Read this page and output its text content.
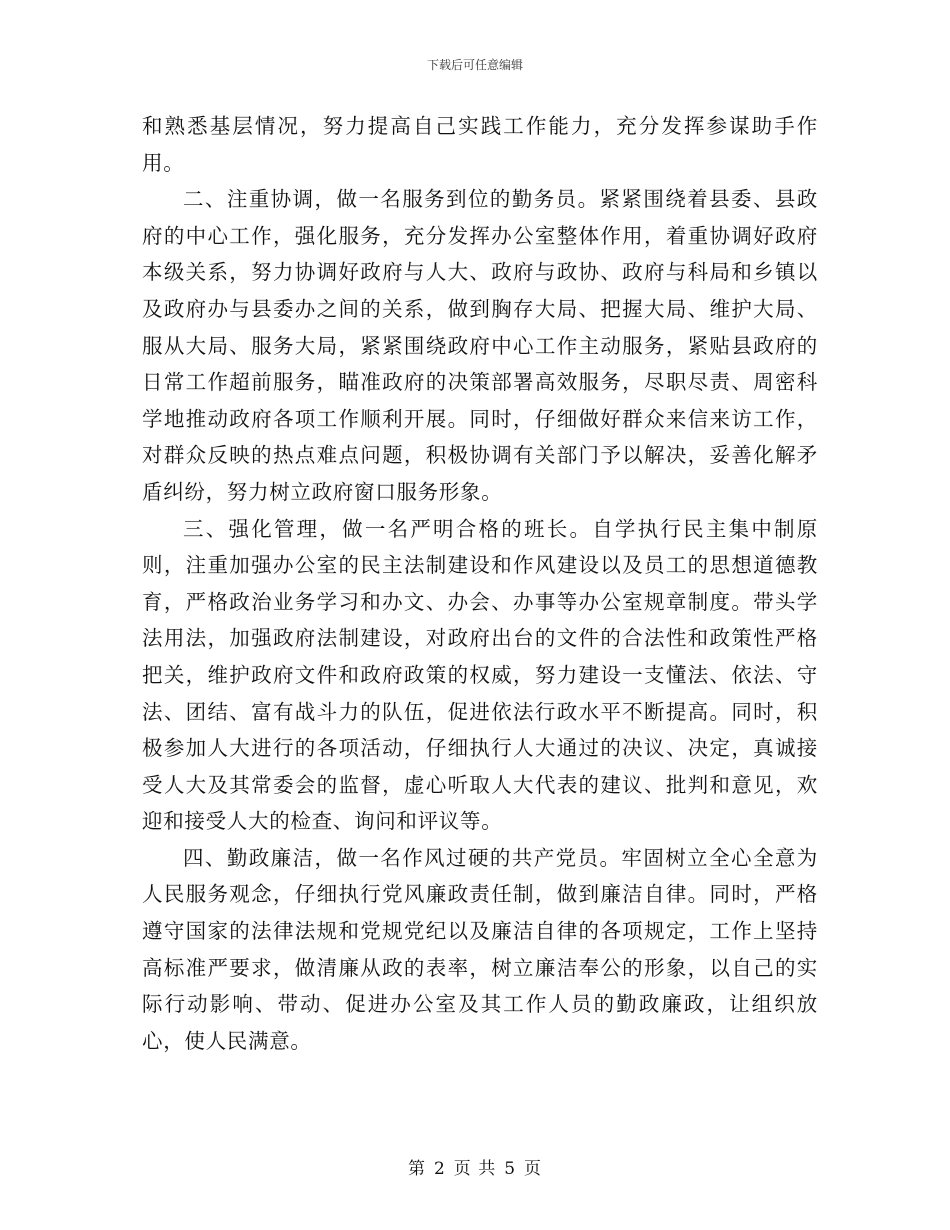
下载后可任意编辑

和熟悉基层情况，努力提高自己实践工作能力，充分发挥参谋助手作用。

二、注重协调，做一名服务到位的勤务员。紧紧围绕着县委、县政府的中心工作，强化服务，充分发挥办公室整体作用，着重协调好政府本级关系，努力协调好政府与人大、政府与政协、政府与科局和乡镇以及政府办与县委办之间的关系，做到胸存大局、把握大局、维护大局、服从大局、服务大局，紧紧围绕政府中心工作主动服务，紧贴县政府的日常工作超前服务，瞄准政府的决策部署高效服务，尽职尽责、周密科学地推动政府各项工作顺利开展。同时，仔细做好群众来信来访工作，对群众反映的热点难点问题，积极协调有关部门予以解决，妥善化解矛盾纠纷，努力树立政府窗口服务形象。

三、强化管理，做一名严明合格的班长。自学执行民主集中制原则，注重加强办公室的民主法制建设和作风建设以及员工的思想道德教育，严格政治业务学习和办文、办会、办事等办公室规章制度。带头学法用法，加强政府法制建设，对政府出台的文件的合法性和政策性严格把关，维护政府文件和政府政策的权威，努力建设一支懂法、依法、守法、团结、富有战斗力的队伍，促进依法行政水平不断提高。同时，积极参加人大进行的各项活动，仔细执行人大通过的决议、决定，真诚接受人大及其常委会的监督，虚心听取人大代表的建议、批判和意见，欢迎和接受人大的检查、询问和评议等。

四、勤政廉洁，做一名作风过硬的共产党员。牢固树立全心全意为人民服务观念，仔细执行党风廉政责任制，做到廉洁自律。同时，严格遵守国家的法律法规和党规党纪以及廉洁自律的各项规定，工作上坚持高标准严要求，做清廉从政的表率，树立廉洁奉公的形象，以自己的实际行动影响、带动、促进办公室及其工作人员的勤政廉政，让组织放心，使人民满意。

第 2 页 共 5 页
